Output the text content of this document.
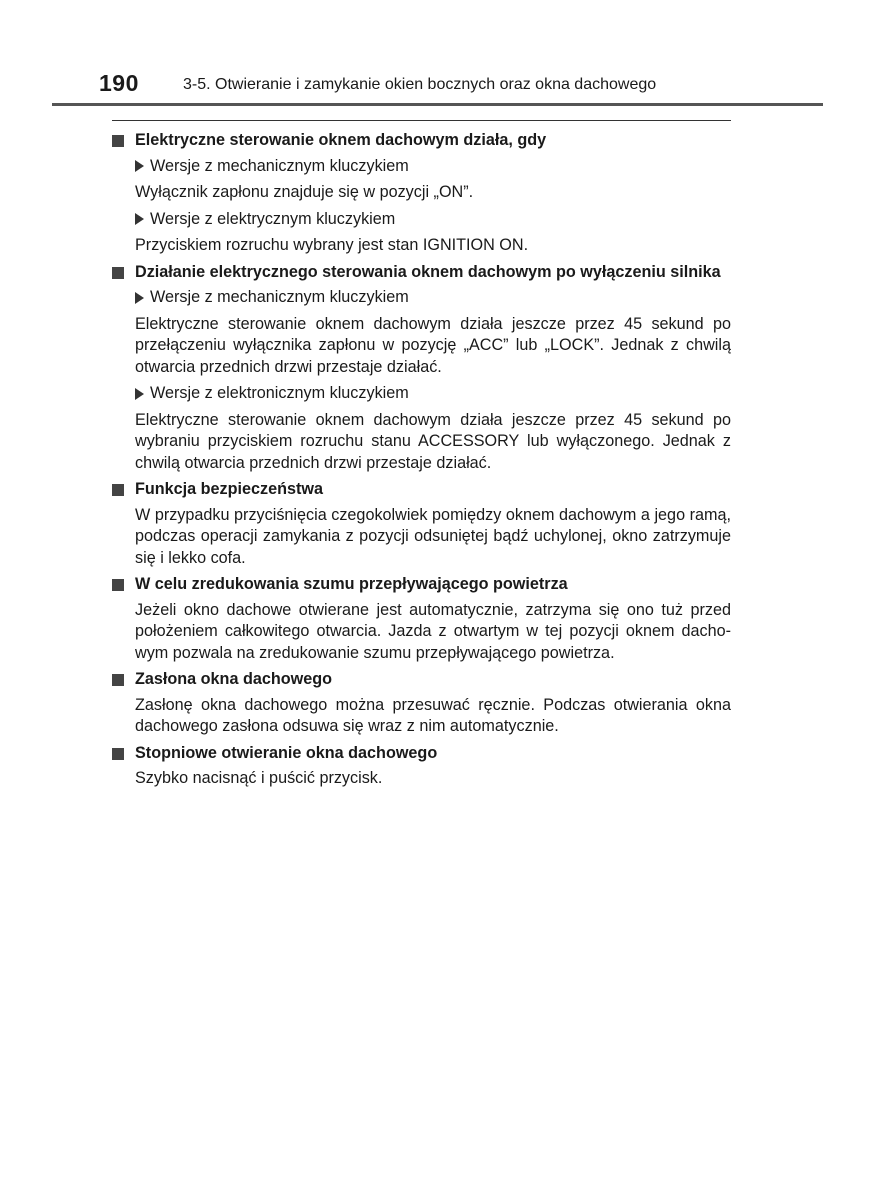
190	3-5. Otwieranie i zamykanie okien bocznych oraz okna dachowego
Elektryczne sterowanie oknem dachowym działa, gdy
Wersje z mechanicznym kluczykiem
Wyłącznik zapłonu znajduje się w pozycji „ON”.
Wersje z elektrycznym kluczykiem
Przyciskiem rozruchu wybrany jest stan IGNITION ON.
Działanie elektrycznego sterowania oknem dachowym po wyłączeniu silnika
Wersje z mechanicznym kluczykiem
Elektryczne sterowanie oknem dachowym działa jeszcze przez 45 sekund po przełączeniu wyłącznika zapłonu w pozycję „ACC” lub „LOCK”. Jednak z chwilą otwarcia przednich drzwi przestaje działać.
Wersje z elektronicznym kluczykiem
Elektryczne sterowanie oknem dachowym działa jeszcze przez 45 sekund po wybraniu przyciskiem rozruchu stanu ACCESSORY lub wyłączonego. Jednak z chwilą otwarcia przednich drzwi przestaje działać.
Funkcja bezpieczeństwa
W przypadku przyciśnięcia czegokolwiek pomiędzy oknem dachowym a jego ramą, podczas operacji zamykania z pozycji odsuniętej bądź uchylonej, okno zatrzymuje się i lekko cofa.
W celu zredukowania szumu przepływającego powietrza
Jeżeli okno dachowe otwierane jest automatycznie, zatrzyma się ono tuż przed położeniem całkowitego otwarcia. Jazda z otwartym w tej pozycji oknem dacho-wym pozwala na zredukowanie szumu przepływającego powietrza.
Zasłona okna dachowego
Zasłonę okna dachowego można przesuwać ręcznie. Podczas otwierania okna dachowego zasłona odsuwa się wraz z nim automatycznie.
Stopniowe otwieranie okna dachowego
Szybko nacisnąć i puścić przycisk.
